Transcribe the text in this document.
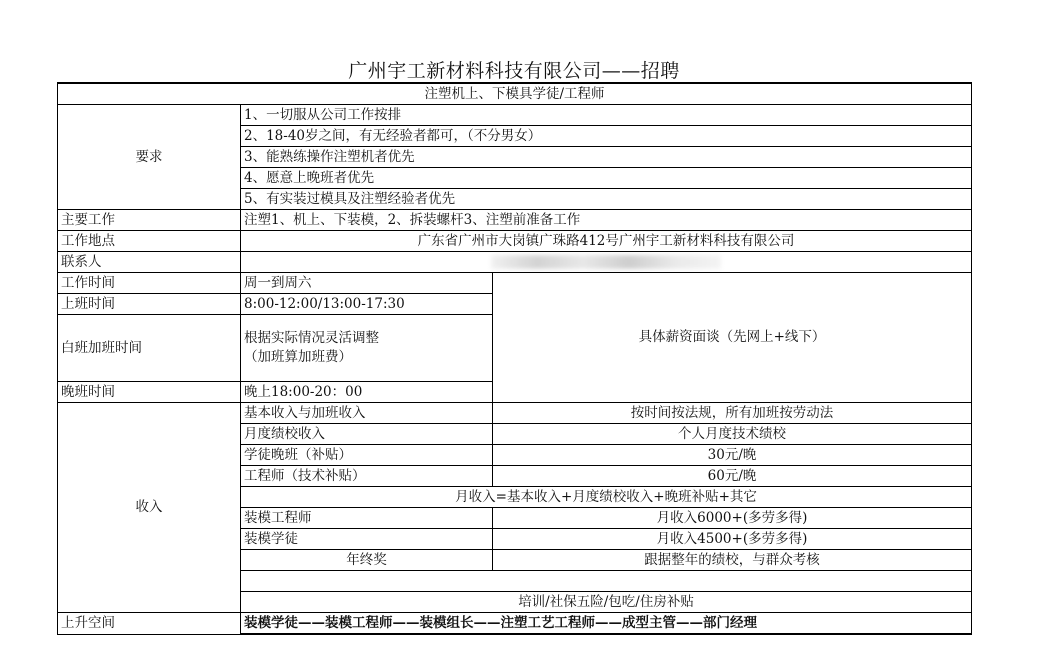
广州宇工新材料科技有限公司——招聘
注塑机上、下模具学徒/工程师		
要求	1、一切服从公司工作按排	
	2、18-40岁之间，有无经验者都可，（不分男女）	
	3、能熟练操作注塑机者优先	
	4、愿意上晚班者优先	
	5、有实装过模具及注塑经验者优先	
主要工作	注塑1、机上、下装模，2、拆装螺杆3、注塑前准备工作	
工作地点	广东省广州市大岗镇广珠路412号广州宇工新材料科技有限公司	
联系人		
工作时间	周一到周六	具体薪资面谈（先网上+线下）
上班时间	8:00-12:00/13:00-17:30	
白班加班时间	根据实际情况灵活调整
（加班算加班费）	

晚班时间	晚上18:00-20：00	
收入	基本收入与加班收入	按时间按法规，所有加班按劳动法
	月度绩校收入	个人月度技术绩校
	学徒晚班（补贴）	30元/晚
	工程师（技术补贴）	60元/晚
	月收入=基本收入+月度绩校收入+晚班补贴+其它	
	装模工程师	月收入6000+(多劳多得)
	装模学徒	月收入4500+(多劳多得)
	年终奖	跟据整年的绩校，与群众考核

	培训/社保五险/包吃/住房补贴	
上升空间	装模学徒——装模工程师——装模组长——注塑工艺工程师——成型主管——部门经理	
